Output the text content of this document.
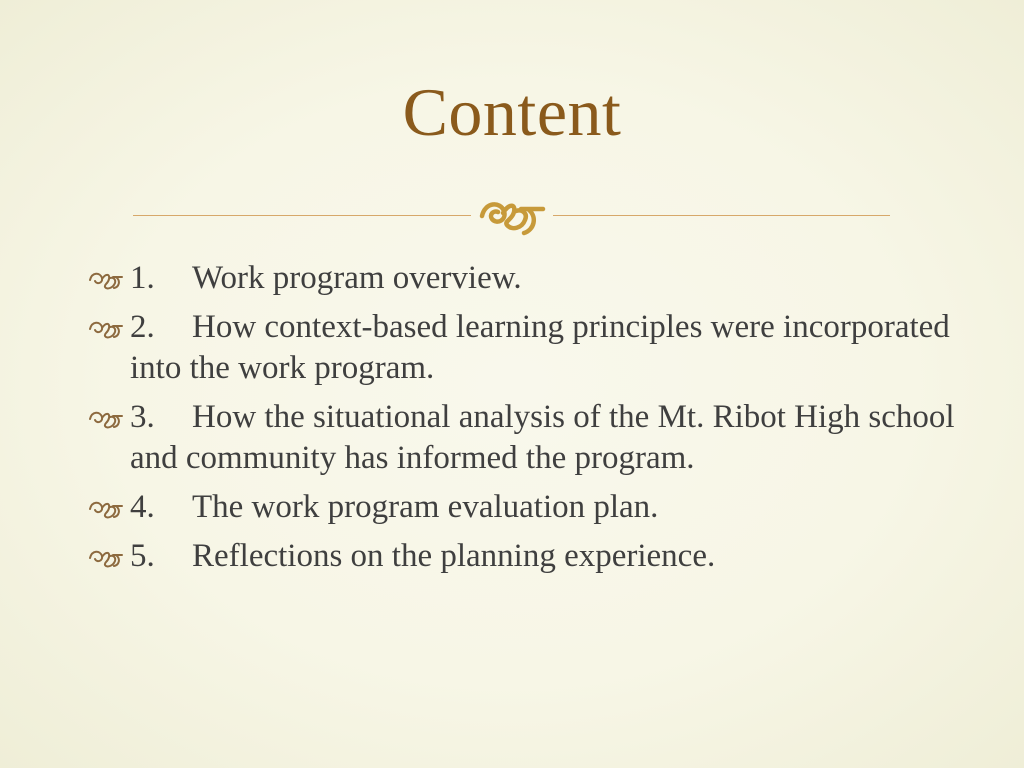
Content
1. Work program overview.
2. How context-based learning principles were incorporated into the work program.
3. How the situational analysis of the Mt. Ribot High school and community has informed the program.
4. The work program evaluation plan.
5. Reflections on the planning experience.
